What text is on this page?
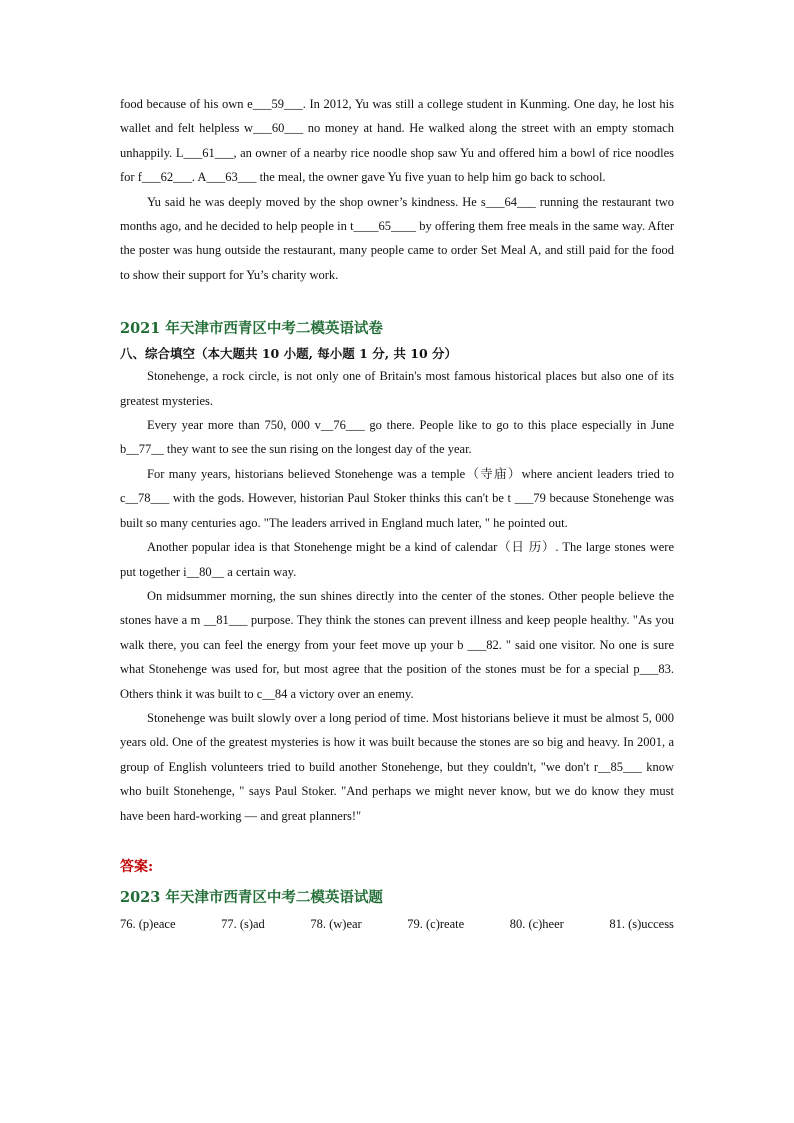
food because of his own e___59___. In 2012, Yu was still a college student in Kunming. One day, he lost his wallet and felt helpless w___60___ no money at hand. He walked along the street with an empty stomach unhappily. L___61___, an owner of a nearby rice noodle shop saw Yu and offered him a bowl of rice noodles for f___62___. A___63___ the meal, the owner gave Yu five yuan to help him go back to school.

Yu said he was deeply moved by the shop owner’s kindness. He s___64___ running the restaurant two months ago, and he decided to help people in t____65____ by offering them free meals in the same way. After the poster was hung outside the restaurant, many people came to order Set Meal A, and still paid for the food to show their support for Yu’s charity work.

2021 年天津市西青区中考二模英语试卷
八、综合填空（本大题共 10 小题, 每小题 1 分, 共 10 分）

Stonehenge, a rock circle, is not only one of Britain's most famous historical places but also one of its greatest mysteries.

Every year more than 750, 000 v__76___ go there. People like to go to this place especially in June b__77__ they want to see the sun rising on the longest day of the year.

For many years, historians believed Stonehenge was a temple（寺庙）where ancient leaders tried to c__78___ with the gods. However, historian Paul Stoker thinks this can't be t ___79 because Stonehenge was built so many centuries ago. "The leaders arrived in England much later, " he pointed out.

Another popular idea is that Stonehenge might be a kind of calendar（日 历）. The large stones were put together i__80__ a certain way.

On midsummer morning, the sun shines directly into the center of the stones. Other people believe the stones have a m __81___ purpose. They think the stones can prevent illness and keep people healthy. "As you walk there, you can feel the energy from your feet move up your b ___82. " said one visitor. No one is sure what Stonehenge was used for, but most agree that the position of the stones must be for a special p___83. Others think it was built to c__84 a victory over an enemy.

Stonehenge was built slowly over a long period of time. Most historians believe it must be almost 5, 000 years old. One of the greatest mysteries is how it was built because the stones are so big and heavy. In 2001, a group of English volunteers tried to build another Stonehenge, but they couldn't, "we don't r__85___ know who built Stonehenge, " says Paul Stoker. "And perhaps we might never know, but we do know they must have been hard-working — and great planners!"

答案:
2023 年天津市西青区中考二模英语试题
76. (p)eace	77. (s)ad	78. (w)ear	79. (c)reate	80. (c)heer	81. (s)uccess
